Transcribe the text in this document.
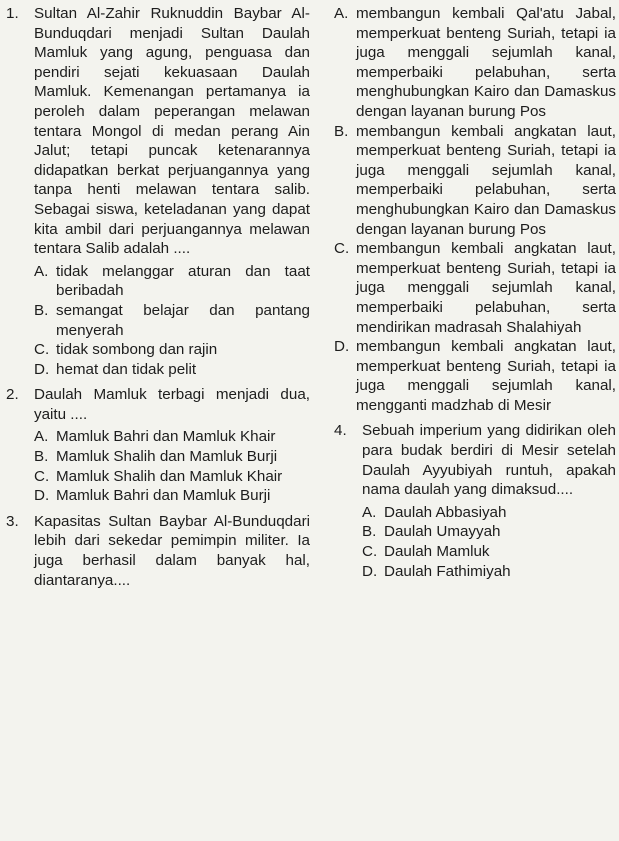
1. Sultan Al-Zahir Ruknuddin Baybar Al-Bunduqdari menjadi Sultan Daulah Mamluk yang agung, penguasa dan pendiri sejati kekuasaan Daulah Mamluk. Kemenangan pertamanya ia peroleh dalam peperangan melawan tentara Mongol di medan perang Ain Jalut; tetapi puncak ketenarannya didapatkan berkat perjuangannya yang tanpa henti melawan tentara salib. Sebagai siswa, keteladanan yang dapat kita ambil dari perjuangannya melawan tentara Salib adalah ....
A. tidak melanggar aturan dan taat beribadah
B. semangat belajar dan pantang menyerah
C. tidak sombong dan rajin
D. hemat dan tidak pelit
2. Daulah Mamluk terbagi menjadi dua, yaitu ....
A. Mamluk Bahri dan Mamluk Khair
B. Mamluk Shalih dan Mamluk Burji
C. Mamluk Shalih dan Mamluk Khair
D. Mamluk Bahri dan Mamluk Burji
3. Kapasitas Sultan Baybar Al-Bunduqdari lebih dari sekedar pemimpin militer. Ia juga berhasil dalam banyak hal, diantaranya....
A. membangun kembali Qal'atu Jabal, memperkuat benteng Suriah, tetapi ia juga menggali sejumlah kanal, memperbaiki pelabuhan, serta menghubungkan Kairo dan Damaskus dengan layanan burung Pos
B. membangun kembali angkatan laut, memperkuat benteng Suriah, tetapi ia juga menggali sejumlah kanal, memperbaiki pelabuhan, serta menghubungkan Kairo dan Damaskus dengan layanan burung Pos
C. membangun kembali angkatan laut, memperkuat benteng Suriah, tetapi ia juga menggali sejumlah kanal, memperbaiki pelabuhan, serta mendirikan madrasah Shalahiyah
D. membangun kembali angkatan laut, memperkuat benteng Suriah, tetapi ia juga menggali sejumlah kanal, mengganti madzhab di Mesir
4. Sebuah imperium yang didirikan oleh para budak berdiri di Mesir setelah Daulah Ayyubiyah runtuh, apakah nama daulah yang dimaksud....
A. Daulah Abbasiyah
B. Daulah Umayyah
C. Daulah Mamluk
D. Daulah Fathimiyah
